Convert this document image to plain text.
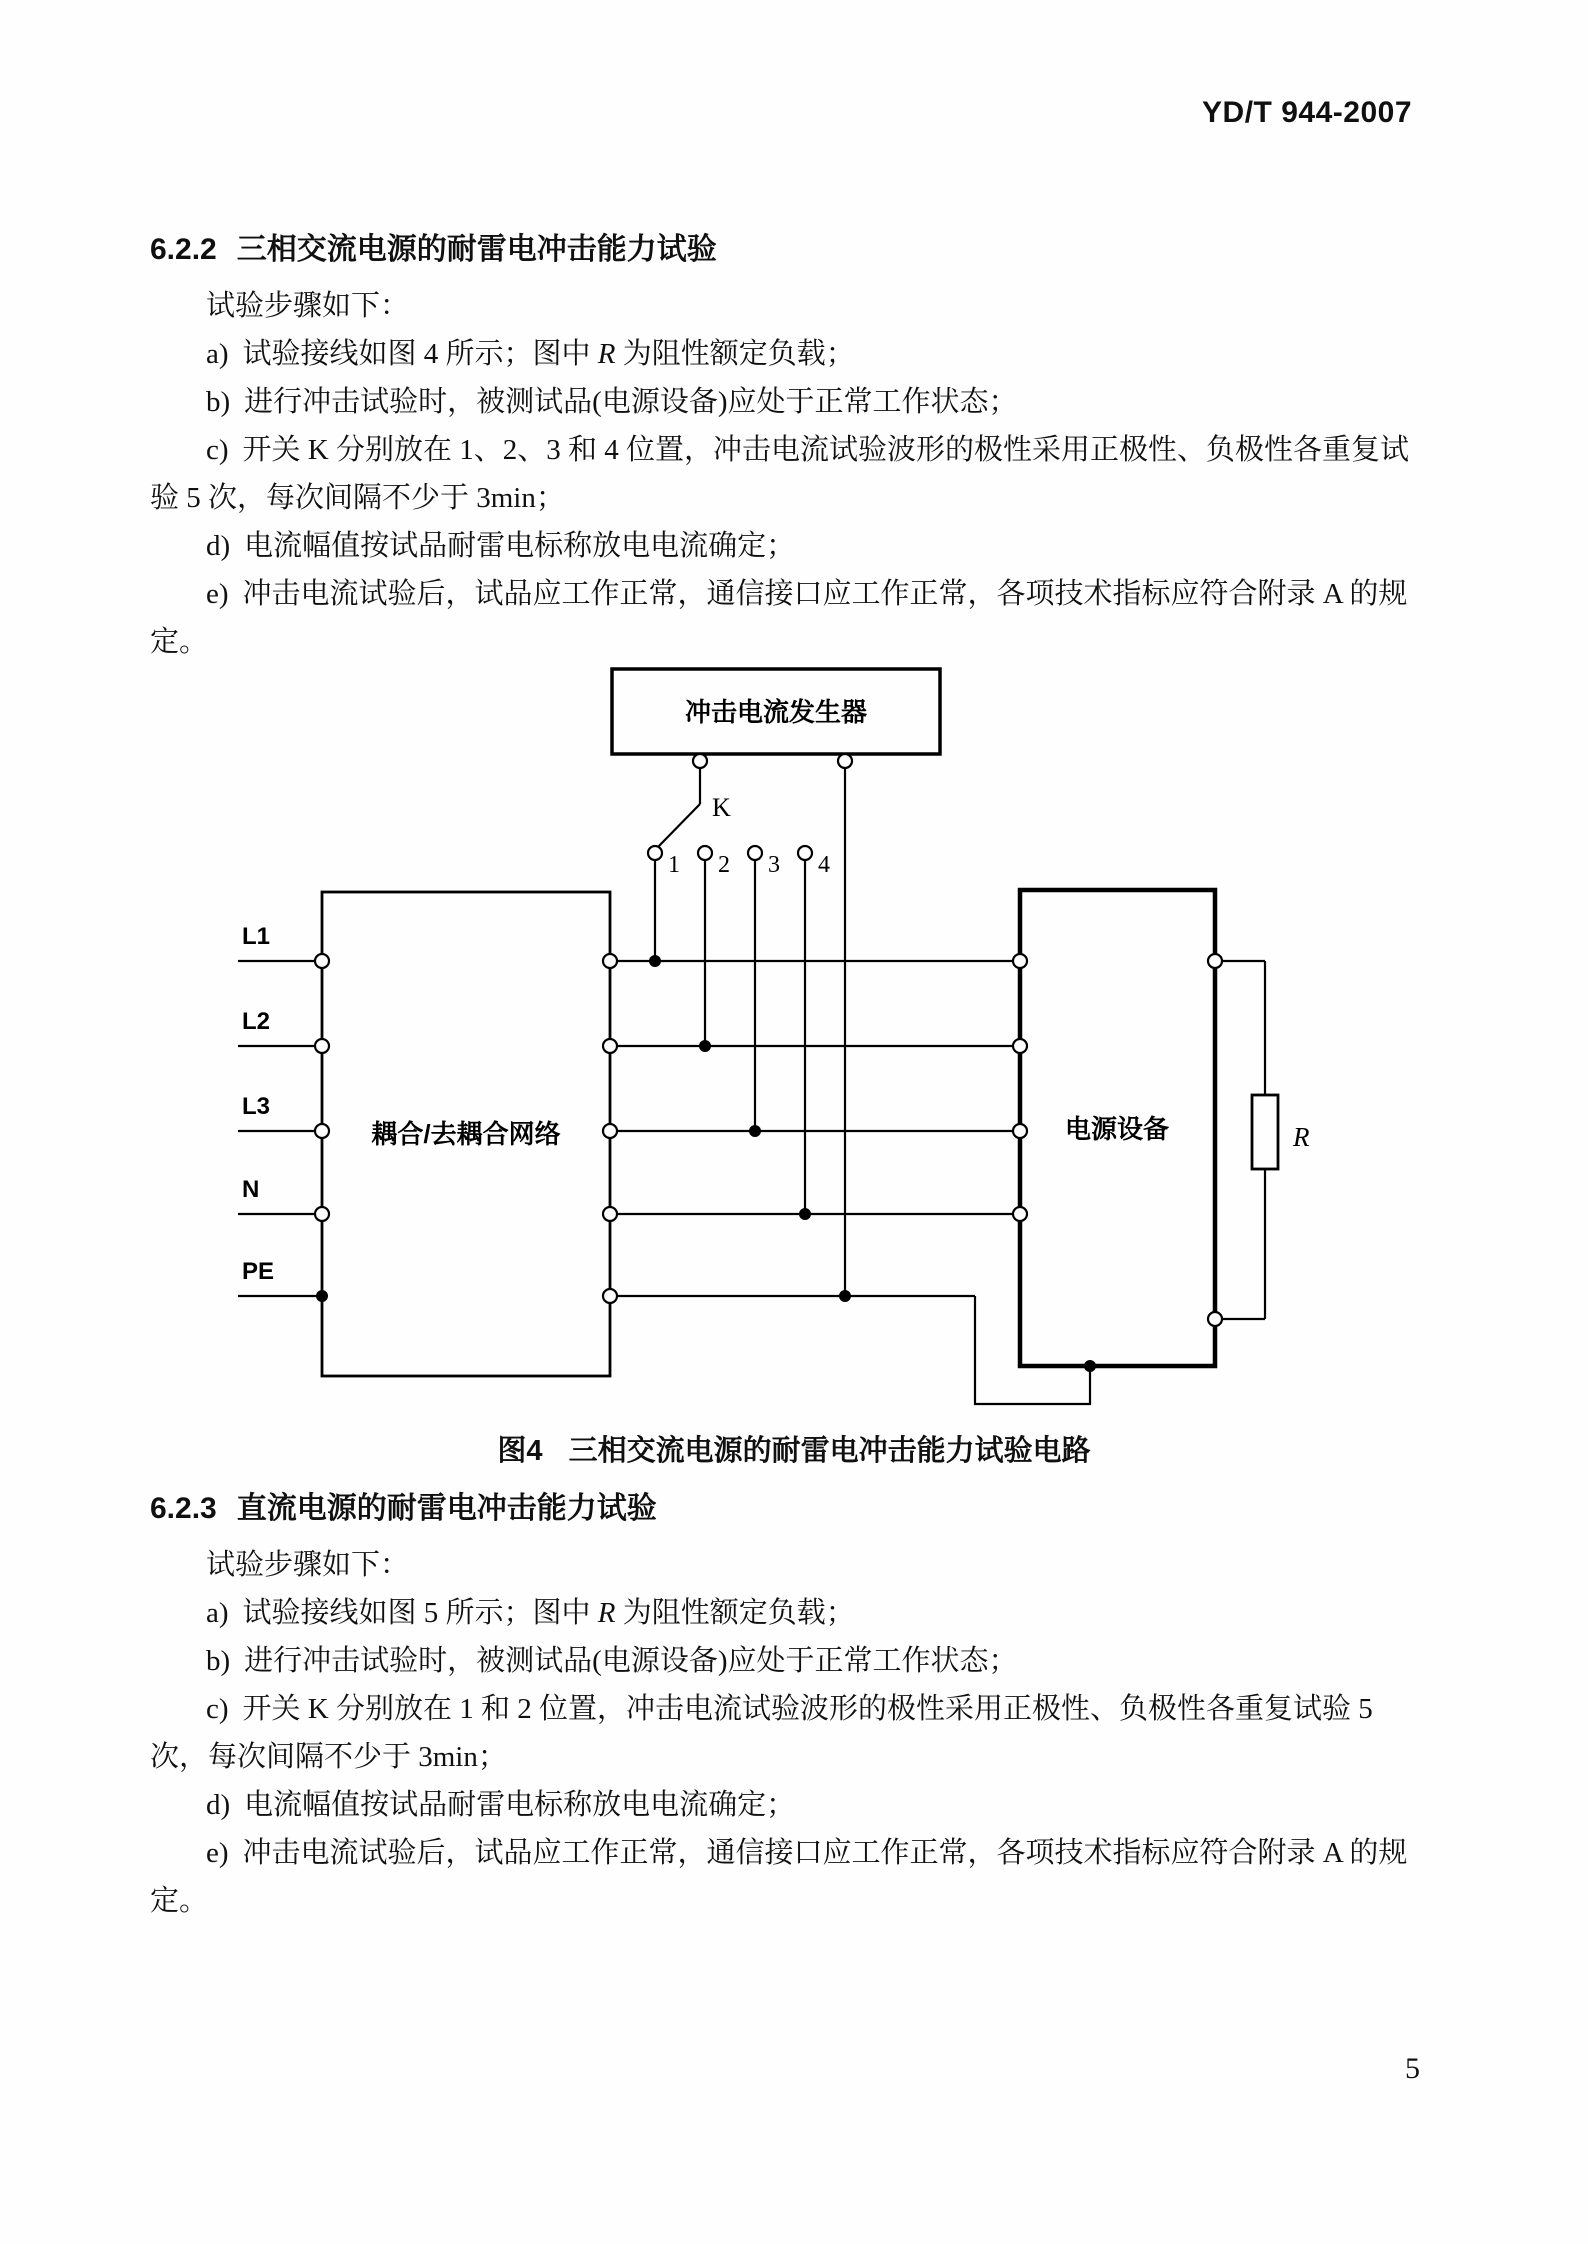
YD/T 944-2007

6.2.2 三相交流电源的耐雷电冲击能力试验

试验步骤如下：

a) 试验接线如图 4 所示；图中 R 为阻性额定负载；

b) 进行冲击试验时，被测试品(电源设备)应处于正常工作状态；

c) 开关 K 分别放在 1、2、3 和 4 位置，冲击电流试验波形的极性采用正极性、负极性各重复试验 5 次，每次间隔不少于 3min；

d) 电流幅值按试品耐雷电标称放电电流确定；

e) 冲击电流试验后，试品应工作正常，通信接口应工作正常，各项技术指标应符合附录 A 的规定。

冲击电流发生器
K
1 2 3 4
L1
L2
L3
N
PE
耦合/去耦合网络	电源设备	R
图4 三相交流电源的耐雷电冲击能力试验电路

6.2.3 直流电源的耐雷电冲击能力试验

试验步骤如下：

a) 试验接线如图 5 所示；图中 R 为阻性额定负载；

b) 进行冲击试验时，被测试品(电源设备)应处于正常工作状态；

c) 开关 K 分别放在 1 和 2 位置，冲击电流试验波形的极性采用正极性、负极性各重复试验 5 次，每次间隔不少于 3min；

d) 电流幅值按试品耐雷电标称放电电流确定；

e) 冲击电流试验后，试品应工作正常，通信接口应工作正常，各项技术指标应符合附录 A 的规定。

5
